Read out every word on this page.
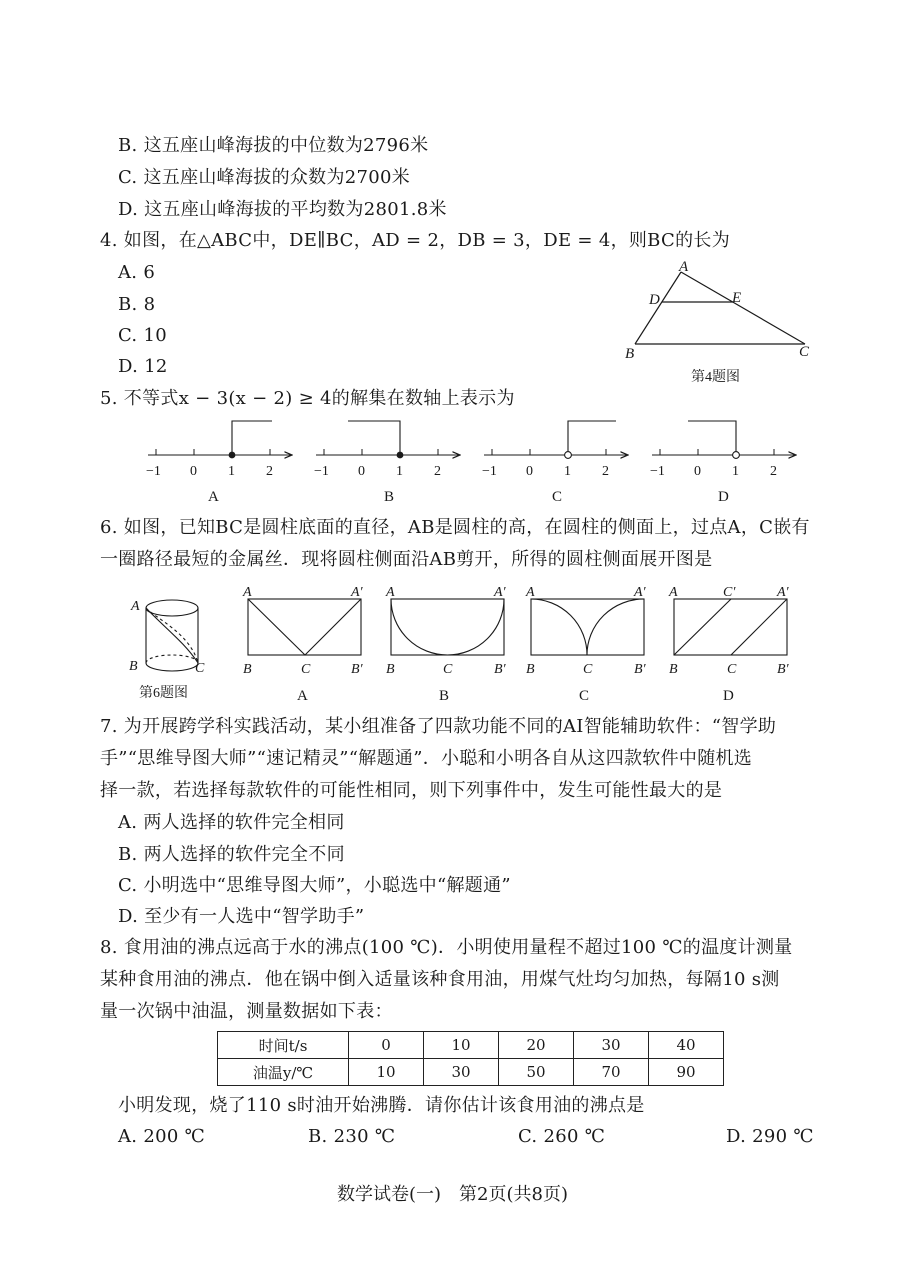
B. 这五座山峰海拔的中位数为2796米
C. 这五座山峰海拔的众数为2700米
D. 这五座山峰海拔的平均数为2801.8米
4. 如图，在△ABC中，DE∥BC，AD = 2，DB = 3，DE = 4，则BC的长为
A. 6
B. 8
C. 10
D. 12
A
D	E
B	C
第4题图
5. 不等式x − 3(x − 2) ≥ 4的解集在数轴上表示为
−1 0 1 2
A
−1 0 1 2
B
−1 0 1 2
C
−1 0 1 2
D
6. 如图，已知BC是圆柱底面的直径，AB是圆柱的高，在圆柱的侧面上，过点A，C嵌有
一圈路径最短的金属丝．现将圆柱侧面沿AB剪开，所得的圆柱侧面展开图是
A
B	C
第6题图
A	A′
B	C	B′
A
A	A′
B	C	B′
B
A	A′
B	C	B′
C
A	C′	A′
B	C	B′
D
7. 为开展跨学科实践活动，某小组准备了四款功能不同的AI智能辅助软件：“智学助
手”“思维导图大师”“速记精灵”“解题通”．小聪和小明各自从这四款软件中随机选
择一款，若选择每款软件的可能性相同，则下列事件中，发生可能性最大的是
A. 两人选择的软件完全相同
B. 两人选择的软件完全不同
C. 小明选中“思维导图大师”，小聪选中“解题通”
D. 至少有一人选中“智学助手”
8. 食用油的沸点远高于水的沸点(100 ℃)．小明使用量程不超过100 ℃的温度计测量
某种食用油的沸点．他在锅中倒入适量该种食用油，用煤气灶均匀加热，每隔10 s测
量一次锅中油温，测量数据如下表：
时间t/s	0	10	20	30	40
油温y/℃	10	30	50	70	90
小明发现，烧了110 s时油开始沸腾．请你估计该食用油的沸点是
A. 200 ℃	B. 230 ℃	C. 260 ℃	D. 290 ℃
数学试卷(一)　第2页(共8页)
